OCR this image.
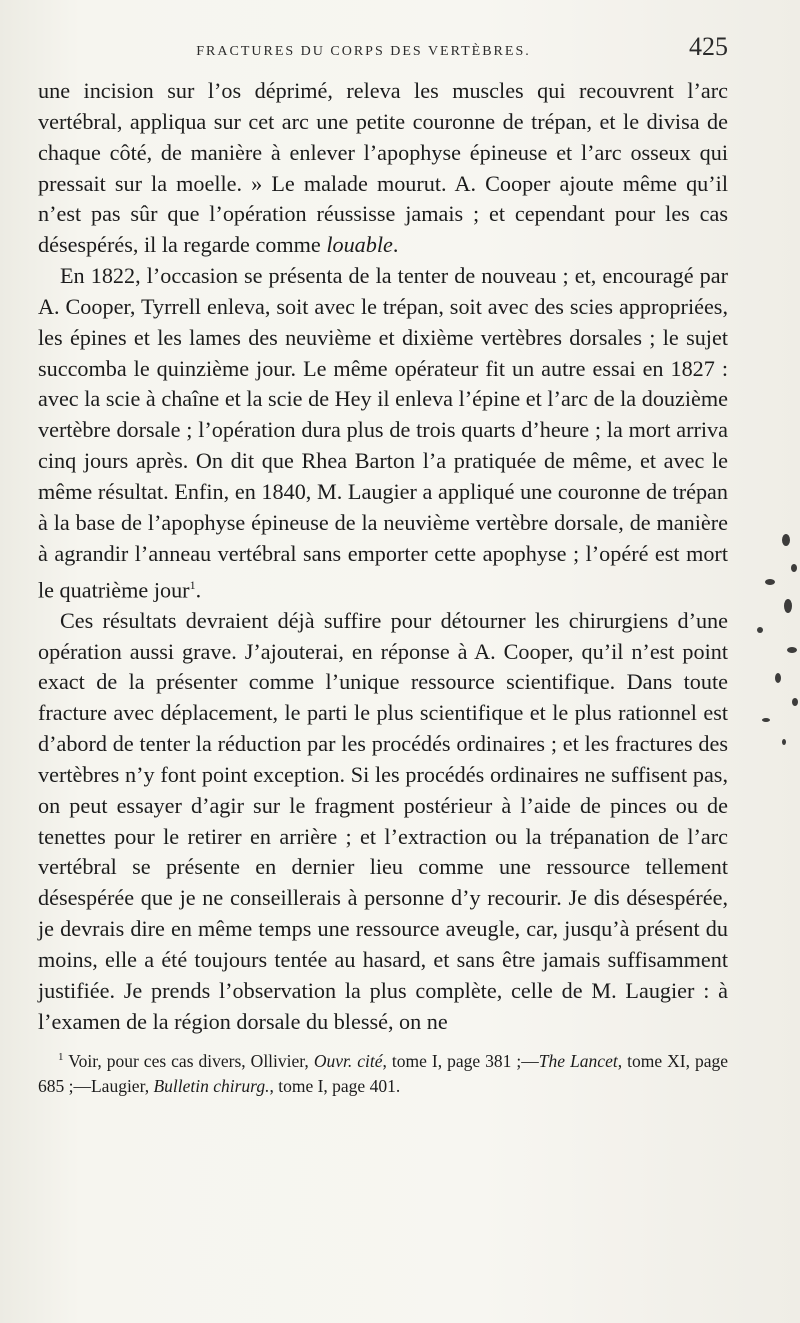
FRACTURES DU CORPS DES VERTÈBRES.	425

une incision sur l’os déprimé, releva les muscles qui recouvrent l’arc vertébral, appliqua sur cet arc une petite couronne de trépan, et le divisa de chaque côté, de manière à enlever l’apophyse épineuse et l’arc osseux qui pressait sur la moelle. » Le malade mourut. A. Cooper ajoute même qu’il n’est pas sûr que l’opération réussisse jamais ; et cependant pour les cas désespérés, il la regarde comme louable.

En 1822, l’occasion se présenta de la tenter de nouveau ; et, encouragé par A. Cooper, Tyrrell enleva, soit avec le trépan, soit avec des scies appropriées, les épines et les lames des neuvième et dixième vertèbres dorsales ; le sujet succomba le quinzième jour. Le même opérateur fit un autre essai en 1827 : avec la scie à chaîne et la scie de Hey il enleva l’épine et l’arc de la douzième vertèbre dorsale ; l’opération dura plus de trois quarts d’heure ; la mort arriva cinq jours après. On dit que Rhea Barton l’a pratiquée de même, et avec le même résultat. Enfin, en 1840, M. Laugier a appliqué une couronne de trépan à la base de l’apophyse épineuse de la neuvième vertèbre dorsale, de manière à agrandir l’anneau vertébral sans emporter cette apophyse ; l’opéré est mort le quatrième jour$^1$.

Ces résultats devraient déjà suffire pour détourner les chirurgiens d’une opération aussi grave. J’ajouterai, en réponse à A. Cooper, qu’il n’est point exact de la présenter comme l’unique ressource scientifique. Dans toute fracture avec déplacement, le parti le plus scientifique et le plus rationnel est d’abord de tenter la réduction par les procédés ordinaires ; et les fractures des vertèbres n’y font point exception. Si les procédés ordinaires ne suffisent pas, on peut essayer d’agir sur le fragment postérieur à l’aide de pinces ou de tenettes pour le retirer en arrière ; et l’extraction ou la trépanation de l’arc vertébral se présente en dernier lieu comme une ressource tellement désespérée que je ne conseillerais à personne d’y recourir. Je dis désespérée, je devrais dire en même temps une ressource aveugle, car, jusqu’à présent du moins, elle a été toujours tentée au hasard, et sans être jamais suffisamment justifiée. Je prends l’observation la plus complète, celle de M. Laugier : à l’examen de la région dorsale du blessé, on ne

$^1$ Voir, pour ces cas divers, Ollivier, Ouvr. cité, tome I, page 381 ;—The Lancet, tome XI, page 685 ;—Laugier, Bulletin chirurg., tome I, page 401.
